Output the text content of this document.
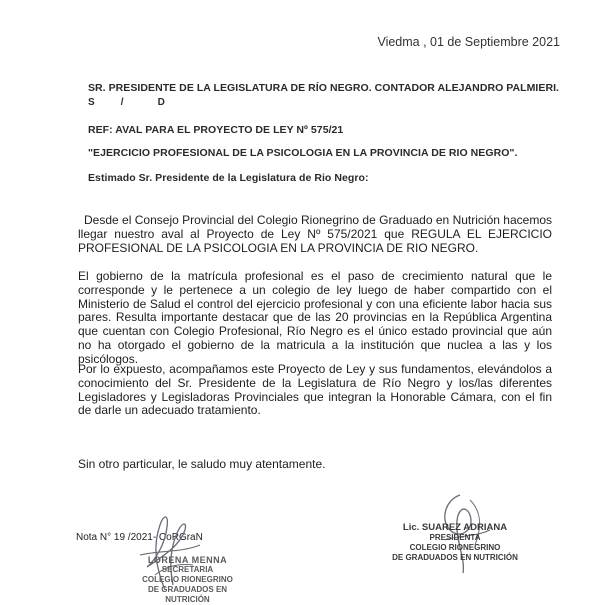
Viedma , 01 de Septiembre 2021
SR. PRESIDENTE DE LA LEGISLATURA DE RÍO NEGRO. CONTADOR ALEJANDRO PALMIERI.
S	/	D
REF: AVAL PARA EL PROYECTO DE LEY Nº 575/21
"EJERCICIO PROFESIONAL DE LA PSICOLOGIA EN LA PROVINCIA DE RIO NEGRO".
Estimado Sr. Presidente de la Legislatura de Rio Negro:
Desde el Consejo Provincial del Colegio Rionegrino de Graduado en Nutrición hacemos llegar nuestro aval al Proyecto de Ley Nº 575/2021 que REGULA EL EJERCICIO PROFESIONAL DE LA PSICOLOGIA EN LA PROVINCIA DE RIO NEGRO.
El gobierno de la matrícula profesional es el paso de crecimiento natural que le corresponde y le pertenece a un colegio de ley luego de haber compartido con el Ministerio de Salud el control del ejercicio profesional y con una eficiente labor hacia sus pares. Resulta importante destacar que de las 20 provincias en la República Argentina que cuentan con Colegio Profesional, Río Negro es el único estado provincial que aún no ha otorgado el gobierno de la matricula a la institución que nuclea a las y los psicólogos.
Por lo expuesto, acompañamos este Proyecto de Ley y sus fundamentos, elevándolos a conocimiento del Sr. Presidente de la Legislatura de Río Negro y los/las diferentes Legisladores y Legisladoras Provinciales que integran la Honorable Cámara, con el fin de darle un adecuado tratamiento.
Sin otro particular, le saludo muy atentamente.
Nota N° 19 /2021- CoRGraN
LORENA MENNA
SECRETARIA
COLEGIO RIONEGRINO
DE GRADUADOS EN NUTRICIÓN
Lic. SUAREZ ADRIANA
PRESIDENTA
COLEGIO RIONEGRINO
DE GRADUADOS EN NUTRICIÓN
